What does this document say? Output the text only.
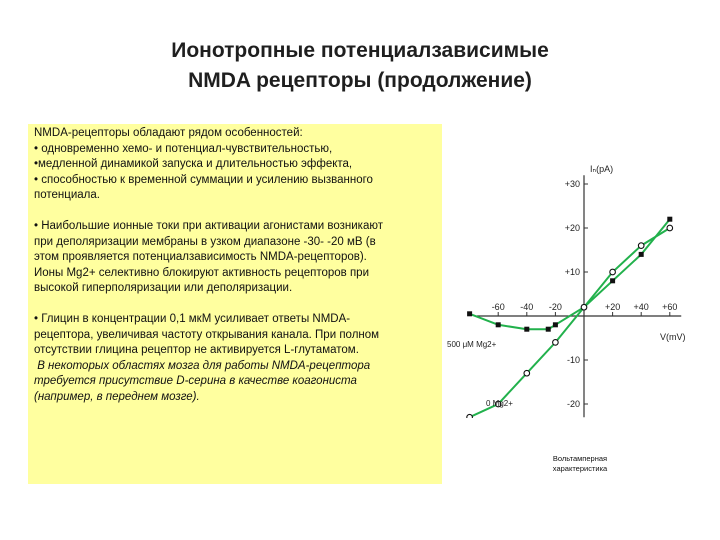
Ионотропные потенциалзависимые
NMDA рецепторы (продолжение)
NMDA-рецепторы обладают рядом особенностей:
• одновременно хемо- и потенциал-чувствительностью,
•медленной динамикой запуска и длительностью эффекта,
• способностью к временной суммации и усилению вызванного
потенциала.
• Наибольшие ионные токи при активации агонистами возникают
при деполяризации мембраны в узком диапазоне -30- -20 мВ (в
этом проявляется потенциалзависимость NMDA-рецепторов).
Ионы Mg2+ селективно блокируют активность рецепторов при
высокой гиперполяризации или деполяризации.
• Глицин в концентрации 0,1 мкМ усиливает ответы NMDA-
рецептора, увеличивая частоту открывания канала. При полном
отсутствии глицина рецептор не активируется L-глутаматом.
В некоторых областях мозга для работы NMDA-рецептора
требуется присутствие D-серина в качестве коагониста
(например, в переднем мозге).
-60 -40 -20	+20 +40 +60
+30
+20
+10
-10
-20
Iₙ(pA)
V(mV)
500 μM Mg2+
0 Mg2+
Вольтамперная
характеристика
